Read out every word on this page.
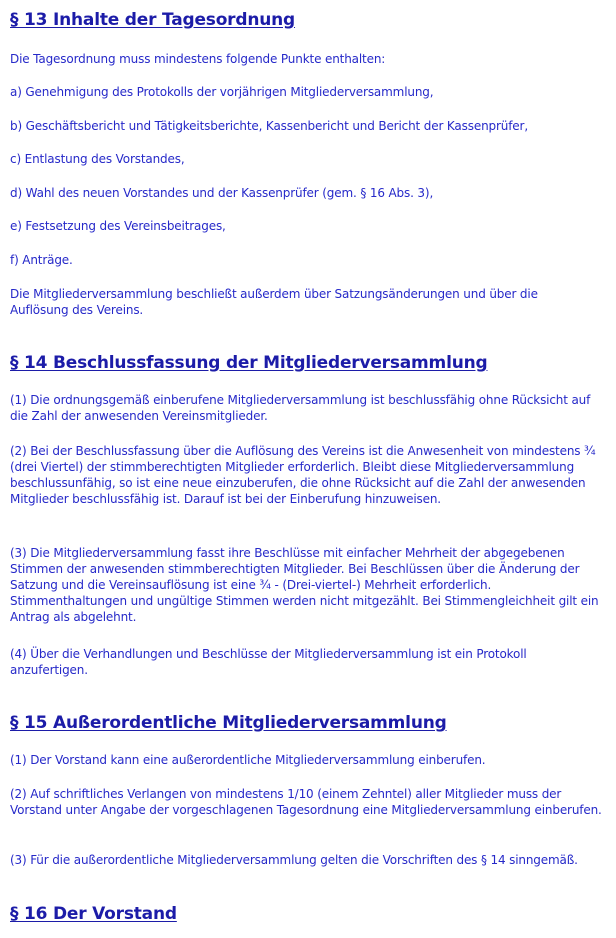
§ 13 Inhalte der Tagesordnung

Die Tagesordnung muss mindestens folgende Punkte enthalten:

a) Genehmigung des Protokolls der vorjährigen Mitgliederversammlung,

b) Geschäftsbericht und Tätigkeitsberichte, Kassenbericht und Bericht der Kassenprüfer,

c) Entlastung des Vorstandes,

d) Wahl des neuen Vorstandes und der Kassenprüfer (gem. § 16 Abs. 3),

e) Festsetzung des Vereinsbeitrages,

f) Anträge.

Die Mitgliederversammlung beschließt außerdem über Satzungsänderungen und über die Auflösung des Vereins.

§ 14 Beschlussfassung der Mitgliederversammlung

(1) Die ordnungsgemäß einberufene Mitgliederversammlung ist beschlussfähig ohne Rücksicht auf die Zahl der anwesenden Vereinsmitglieder.

(2) Bei der Beschlussfassung über die Auflösung des Vereins ist die Anwesenheit von mindestens ¾ (drei Viertel) der stimmberechtigten Mitglieder erforderlich. Bleibt diese Mitgliederversammlung beschlussunfähig, so ist eine neue einzuberufen, die ohne Rücksicht auf die Zahl der anwesenden Mitglieder beschlussfähig ist. Darauf ist bei der Einberufung hinzuweisen.

(3) Die Mitgliederversammlung fasst ihre Beschlüsse mit einfacher Mehrheit der abgegebenen Stimmen der anwesenden stimmberechtigten Mitglieder. Bei Beschlüssen über die Änderung der Satzung und die Vereinsauflösung ist eine ¾ - (Drei-viertel-) Mehrheit erforderlich. Stimmenthaltungen und ungültige Stimmen werden nicht mitgezählt. Bei Stimmengleichheit gilt ein Antrag als abgelehnt.

(4) Über die Verhandlungen und Beschlüsse der Mitgliederversammlung ist ein Protokoll anzufertigen.

§ 15 Außerordentliche Mitgliederversammlung

(1) Der Vorstand kann eine außerordentliche Mitgliederversammlung einberufen.

(2) Auf schriftliches Verlangen von mindestens 1/10 (einem Zehntel) aller Mitglieder muss der Vorstand unter Angabe der vorgeschlagenen Tagesordnung eine Mitgliederversammlung einberufen.

(3) Für die außerordentliche Mitgliederversammlung gelten die Vorschriften des § 14 sinngemäß.

§ 16 Der Vorstand
